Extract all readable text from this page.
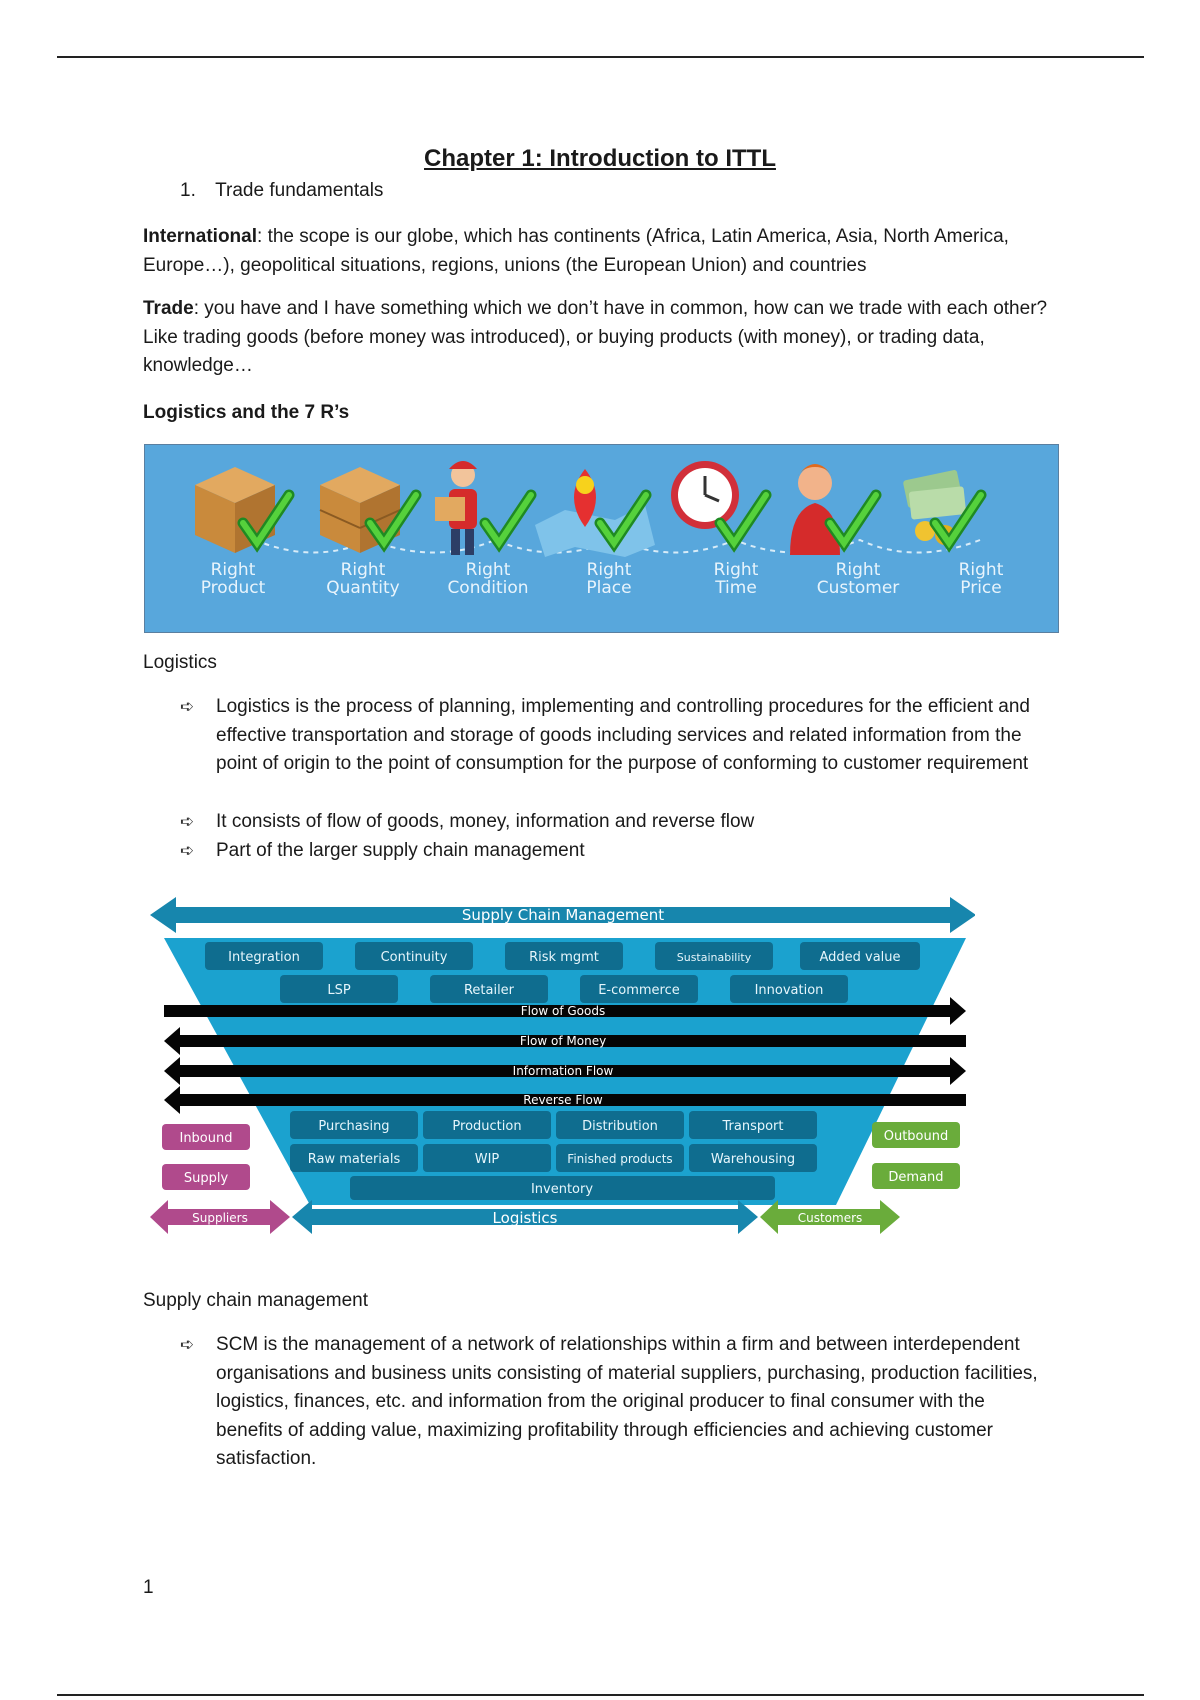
Chapter 1: Introduction to ITTL
1. Trade fundamentals
International: the scope is our globe, which has continents (Africa, Latin America, Asia, North America, Europe…), geopolitical situations, regions, unions (the European Union) and countries
Trade: you have and I have something which we don’t have in common, how can we trade with each other? Like trading goods (before money was introduced), or buying products (with money), or trading data, knowledge…
Logistics and the 7 R’s
Right
Product
Right
Quantity
Right
Condition
Right
Place
Right
Time
Right
Customer
Right
Price
Logistics
➪	Logistics is the process of planning, implementing and controlling procedures for the efficient and effective transportation and storage of goods including services and related information from the point of origin to the point of consumption for the purpose of conforming to customer requirement
➪	It consists of flow of goods, money, information and reverse flow
➪	Part of the larger supply chain management
Supply Chain Management
Integration	Continuity	Risk mgmt	Sustainability	Added value
LSP	Retailer	E-commerce	Innovation
Flow of Goods
Flow of Money
Information Flow
Reverse Flow
Purchasing	Production	Distribution	Transport
Raw materials	WIP	Finished products	Warehousing
Inventory
Inbound
Supply
Outbound
Demand
Suppliers	Logistics	Customers
Supply chain management
➪	SCM is the management of a network of relationships within a firm and between interdependent organisations and business units consisting of material suppliers, purchasing, production facilities, logistics, finances, etc. and information from the original producer to final consumer with the benefits of adding value, maximizing profitability through efficiencies and achieving customer satisfaction.
1
